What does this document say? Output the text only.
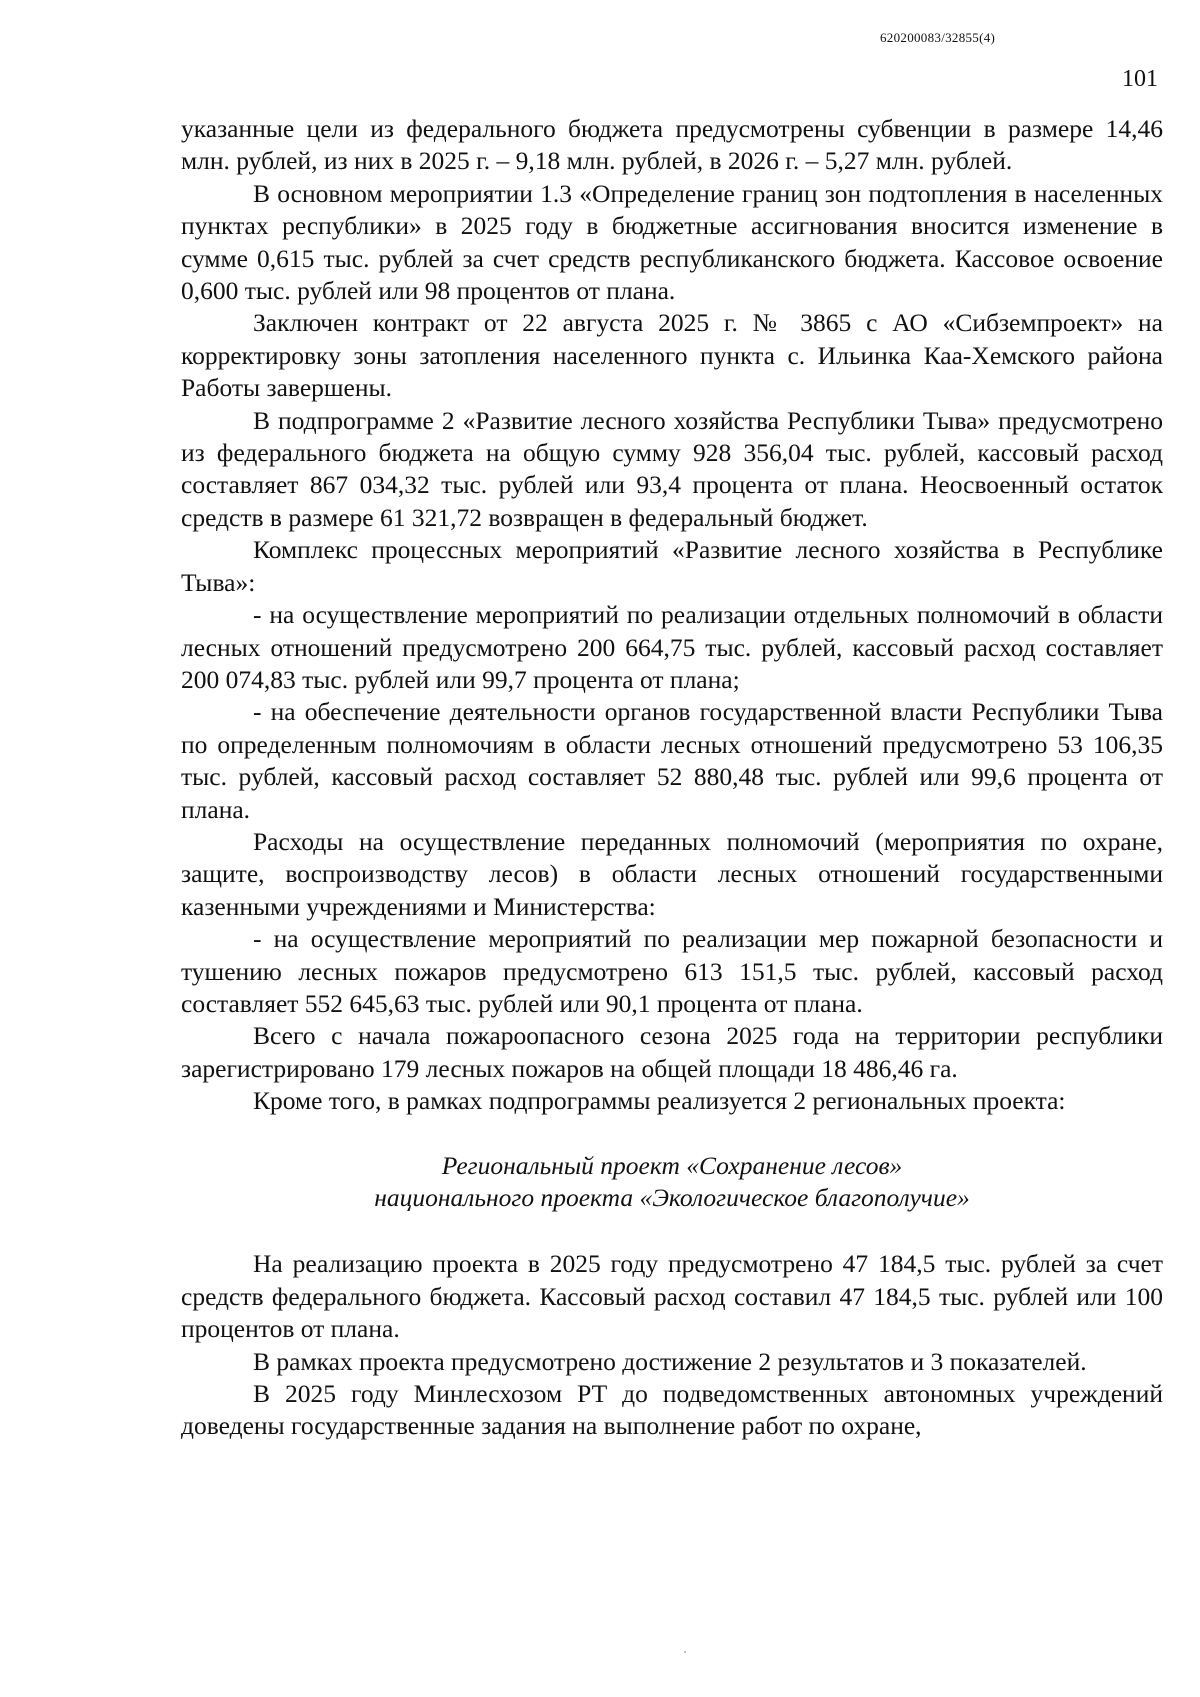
620200083/32855(4)
101

указанные цели из федерального бюджета предусмотрены субвенции в размере 14,46 млн. рублей, из них в 2025 г. – 9,18 млн. рублей, в 2026 г. – 5,27 млн. рублей.

В основном мероприятии 1.3 «Определение границ зон подтопления в населенных пунктах республики» в 2025 году в бюджетные ассигнования вносится изменение в сумме 0,615 тыс. рублей за счет средств республиканского бюджета. Кассовое освоение 0,600 тыс. рублей или 98 процентов от плана.

Заключен контракт от 22 августа 2025 г. № 3865 с АО «Сибземпроект» на корректировку зоны затопления населенного пункта с. Ильинка Каа-Хемского района Работы завершены.

В подпрограмме 2 «Развитие лесного хозяйства Республики Тыва» предусмотрено из федерального бюджета на общую сумму 928 356,04 тыс. рублей, кассовый расход составляет 867 034,32 тыс. рублей или 93,4 процента от плана. Неосвоенный остаток средств в размере 61 321,72 возвращен в федеральный бюджет.

Комплекс процессных мероприятий «Развитие лесного хозяйства в Республике Тыва»:

- на осуществление мероприятий по реализации отдельных полномочий в области лесных отношений предусмотрено 200 664,75 тыс. рублей, кассовый расход составляет 200 074,83 тыс. рублей или 99,7 процента от плана;

- на обеспечение деятельности органов государственной власти Республики Тыва по определенным полномочиям в области лесных отношений предусмотрено 53 106,35 тыс. рублей, кассовый расход составляет 52 880,48 тыс. рублей или 99,6 процента от плана.

Расходы на осуществление переданных полномочий (мероприятия по охране, защите, воспроизводству лесов) в области лесных отношений государственными казенными учреждениями и Министерства:

- на осуществление мероприятий по реализации мер пожарной безопасности и тушению лесных пожаров предусмотрено 613 151,5 тыс. рублей, кассовый расход составляет 552 645,63 тыс. рублей или 90,1 процента от плана.

Всего с начала пожароопасного сезона 2025 года на территории республики зарегистрировано 179 лесных пожаров на общей площади 18 486,46 га.

Кроме того, в рамках подпрограммы реализуется 2 региональных проекта:

Региональный проект «Сохранение лесов»
национального проекта «Экологическое благополучие»

На реализацию проекта в 2025 году предусмотрено 47 184,5 тыс. рублей за счет средств федерального бюджета. Кассовый расход составил 47 184,5 тыс. рублей или 100 процентов от плана.

В рамках проекта предусмотрено достижение 2 результатов и 3 показателей.

В 2025 году Минлесхозом РТ до подведомственных автономных учреждений доведены государственные задания на выполнение работ по охране,
